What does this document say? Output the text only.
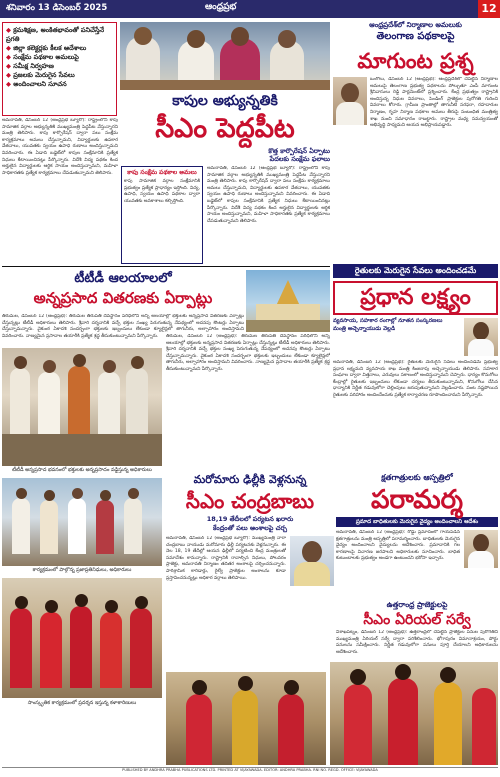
శనివారం 13 డిసెంబర్ 2025	ఆంధ్రప్రభ	12
◆ క్రమశిక్షణ, అంకితభావంతో పనిచేస్తేనే ప్రగతి
◆ జిల్లా కలెక్టర్లకు కీలక ఆదేశాలు
◆ సంక్షేమ పథకాల అమలుపై
◆ సమీక్ష నిర్వహణ
◆ ప్రజలకు మెరుగైన సేవలు
◆ అందించాలని సూచన
ఆంధ్రప్రదేశ్‌లో నిర్మాణాల అమలుకు
తెలంగాణ పథకాలపై
మాగుంట ప్రశ్న
ఒంగోలు, డిసెంబర్ 12 (ఆంధ్రప్రభ): ఆంధ్రప్రదేశ్‌లో చేపట్టిన నిర్మాణాల అమలుపై తెలంగాణ ప్రభుత్వ పథకాలను పోల్చుతూ ఎంపీ మాగుంట శ్రీనివాసులు రెడ్డి పార్లమెంట్‌లో ప్రశ్నించారు. కేంద్ర ప్రభుత్వం రాష్ట్రానికి అందిస్తున్న నిధుల వివరాలు, పెండింగ్ ప్రాజెక్టుల పురోగతి గురించి వివరాలు కోరారు. గ్రామీణ ప్రాంతాల్లో తాగునీటి సరఫరా, రహదారుల నిర్మాణం, గృహ నిర్మాణ పథకాల అమలు తీరుపై సంబంధిత మంత్రిత్వ శాఖ నుంచి సమాధానం రాబట్టారు. రాష్ట్రాల మధ్య సమన్వయంతో అభివృద్ధి సాధ్యమని ఆయన అభిప్రాయపడ్డారు.
కాపుల అభ్యున్నతికి
సీఎం పెద్దపీట
కొత్త కార్పొరేషన్ ఏర్పాటు
పేదలకు సంక్షేమ ఫలాలు
అమరావతి, డిసెంబర్ 12 (ఆంధ్రప్రభ బ్యూరో): రాష్ట్రంలోని కాపు సామాజిక వర్గాల అభ్యున్నతికి ముఖ్యమంత్రి పెద్దపీట వేస్తున్నారని మంత్రి తెలిపారు. కాపు కార్పొరేషన్ ద్వారా పలు సంక్షేమ కార్యక్రమాలు అమలు చేస్తున్నామని, విద్యార్థులకు ఉపకార వేతనాలు, యువతకు స్వయం ఉపాధి రుణాలు అందిస్తున్నామని వివరించారు. ఈ ఏడాది బడ్జెట్‌లో కాపుల సంక్షేమానికి ప్రత్యేక నిధులు కేటాయించినట్లు పేర్కొన్నారు. విదేశీ విద్య పథకం కింద అర్హులైన విద్యార్థులకు ఆర్థిక సాయం అందిస్తున్నామని, మహిళా సాధికారతకు ప్రత్యేక కార్యక్రమాలు చేపడుతున్నామని తెలిపారు.	కాపు సంక్షేమ పథకాల అమలు
కాపు సామాజిక వర్గాల సంక్షేమానికి ప్రభుత్వం ప్రత్యేక ప్రాధాన్యం ఇస్తోంది. విద్య, ఉపాధి, స్వయం ఉపాధి పథకాల ద్వారా యువతకు అవకాశాలు కల్పిస్తోంది.
అమరావతి, డిసెంబర్ 12 (ఆంధ్రప్రభ బ్యూరో): రాష్ట్రంలోని కాపు సామాజిక వర్గాల అభ్యున్నతికి ముఖ్యమంత్రి పెద్దపీట వేస్తున్నారని మంత్రి తెలిపారు. కాపు కార్పొరేషన్ ద్వారా పలు సంక్షేమ కార్యక్రమాలు అమలు చేస్తున్నామని, విద్యార్థులకు ఉపకార వేతనాలు, యువతకు స్వయం ఉపాధి రుణాలు అందిస్తున్నామని వివరించారు. ఈ ఏడాది బడ్జెట్‌లో కాపుల సంక్షేమానికి ప్రత్యేక నిధులు కేటాయించినట్లు పేర్కొన్నారు. విదేశీ విద్య పథకం కింద అర్హులైన విద్యార్థులకు ఆర్థిక సాయం అందిస్తున్నామని, మహిళా సాధికారతకు ప్రత్యేక కార్యక్రమాలు చేపడుతున్నామని తెలిపారు.
రైతులకు మెరుగైన సేవలు అందించడమే
ప్రధాన లక్ష్యం
వ్యవసాయ, సహకార రంగాల్లో నూతన సంస్కరణలు
మంత్రి అచ్చెన్నాయుడు వెల్లడి
అమరావతి, డిసెంబర్ 12 (ఆంధ్రప్రభ): రైతులకు మెరుగైన సేవలు అందించడమే ప్రభుత్వ ప్రధాన లక్ష్యమని వ్యవసాయ శాఖ మంత్రి కింజరాపు అచ్చెన్నాయుడు తెలిపారు. సహకార సంఘాల ద్వారా విత్తనాలు, ఎరువులు సకాలంలో అందిస్తున్నామని చెప్పారు. ధాన్యం కొనుగోలు కేంద్రాల్లో రైతులకు ఇబ్బందులు లేకుండా చర్యలు తీసుకుంటున్నామని, కొనుగోలు చేసిన ధాన్యానికి నిర్ణీత గడువులోగా చెల్లింపులు జరుపుతున్నామని వెల్లడించారు. పంట నష్టపోయిన రైతులకు పరిహారం అందించేందుకు ప్రత్యేక కార్యాచరణ రూపొందించామని పేర్కొన్నారు.
టీటీడీ ఆలయాలలో
అన్నప్రసాద వితరణకు ఏర్పాట్లు
తిరుమల, డిసెంబర్ 12 (ఆంధ్రప్రభ): తిరుమల తిరుపతి దేవస్థానం పరిధిలోని అన్ని ఆలయాల్లో భక్తులకు అన్నప్రసాద వితరణకు ఏర్పాట్లు చేస్తున్నట్లు టీటీడీ అధికారులు తెలిపారు. శ్రీవారి దర్శనానికి వచ్చే భక్తుల సంఖ్య పెరుగుతున్న నేపథ్యంలో అదనపు కౌంటర్లు ఏర్పాటు చేస్తున్నామన్నారు. వైకుంఠ ఏకాదశి సందర్భంగా భక్తులకు ఇబ్బందులు లేకుండా క్యూలైన్లలో తాగునీరు, అల్పాహారం అందిస్తామని వివరించారు. నాణ్యమైన ప్రసాదాల తయారీకి ప్రత్యేక శ్రద్ధ తీసుకుంటున్నామని పేర్కొన్నారు.
టీటీడీ అన్నప్రసాద భవనంలో భక్తులకు అన్నప్రసాదం వడ్డిస్తున్న అధికారులు
తిరుమల, డిసెంబర్ 12 (ఆంధ్రప్రభ): తిరుమల తిరుపతి దేవస్థానం పరిధిలోని అన్ని ఆలయాల్లో భక్తులకు అన్నప్రసాద వితరణకు ఏర్పాట్లు చేస్తున్నట్లు టీటీడీ అధికారులు తెలిపారు. శ్రీవారి దర్శనానికి వచ్చే భక్తుల సంఖ్య పెరుగుతున్న నేపథ్యంలో అదనపు కౌంటర్లు ఏర్పాటు చేస్తున్నామన్నారు. వైకుంఠ ఏకాదశి సందర్భంగా భక్తులకు ఇబ్బందులు లేకుండా క్యూలైన్లలో తాగునీరు, అల్పాహారం అందిస్తామని వివరించారు. నాణ్యమైన ప్రసాదాల తయారీకి ప్రత్యేక శ్రద్ధ తీసుకుంటున్నామని పేర్కొన్నారు.
మరోమారు ఢిల్లీకి వెళ్లనున్న
సీఎం చంద్రబాబు
18,19 తేదీలలో పర్యటన ఖరారు
కేంద్రంతో పలు అంశాలపై చర్చ
అమరావతి, డిసెంబర్ 12 (ఆంధ్రప్రభ బ్యూరో): ముఖ్యమంత్రి నారా చంద్రబాబు నాయుడు మరోమారు ఢిల్లీ పర్యటనకు వెళ్లనున్నారు. ఈ నెల 18, 19 తేదీల్లో ఆయన ఢిల్లీలో పర్యటించి కేంద్ర మంత్రులతో సమావేశం కానున్నారు. రాష్ట్రానికి రావాల్సిన నిధులు, పోలవరం ప్రాజెక్టు, అమరావతి నిర్మాణం తదితర అంశాలపై చర్చించనున్నారు. పారిశ్రామిక కారిడార్లు, రైల్వే ప్రాజెక్టుల అంశాలను కూడా ప్రస్తావించనున్నట్లు అధికార వర్గాలు తెలిపాయి.
కార్యక్రమంలో పాల్గొన్న ప్రజాప్రతినిధులు, అధికారులు
సాంస్కృతిక కార్యక్రమంలో ప్రదర్శన ఇస్తున్న కళాకారిణులు
క్షతగాత్రులకు ఆస్పత్రిలో
పరామర్శ
ప్రమాద బాధితులకు మెరుగైన వైద్యం అందించాలని ఆదేశం
అమరావతి, డిసెంబర్ 12 (ఆంధ్రప్రభ): రోడ్డు ప్రమాదంలో గాయపడిన క్షతగాత్రులను మంత్రి ఆస్పత్రిలో పరామర్శించారు. బాధితులకు మెరుగైన వైద్యం అందించాలని వైద్యులను ఆదేశించారు. ప్రమాదానికి గల కారణాలపై విచారణ జరపాలని అధికారులకు సూచించారు. బాధిత కుటుంబాలకు ప్రభుత్వం అండగా ఉంటుందని భరోసా ఇచ్చారు.
ఉత్తరాంధ్ర ప్రాజెక్టులపై
సీఎం ఏరియల్ సర్వే
విశాఖపట్నం, డిసెంబర్ 12 (ఆంధ్రప్రభ): ఉత్తరాంధ్రలో చేపట్టిన ప్రాజెక్టుల పనుల పురోగతిని ముఖ్యమంత్రి ఏరియల్ సర్వే ద్వారా పరిశీలించారు. భోగాపురం విమానాశ్రయం, పోర్టు పనులను సమీక్షించారు. నిర్ణీత గడువులోగా పనులు పూర్తి చేయాలని అధికారులను ఆదేశించారు.
PUBLISHED BY ANDHRA PRABHA PUBLICATIONS LTD. PRINTED AT VIJAYAWADA. EDITOR: ANDHRA PRABHA. RNI NO. REGD. OFFICE: VIJAYAWADA
